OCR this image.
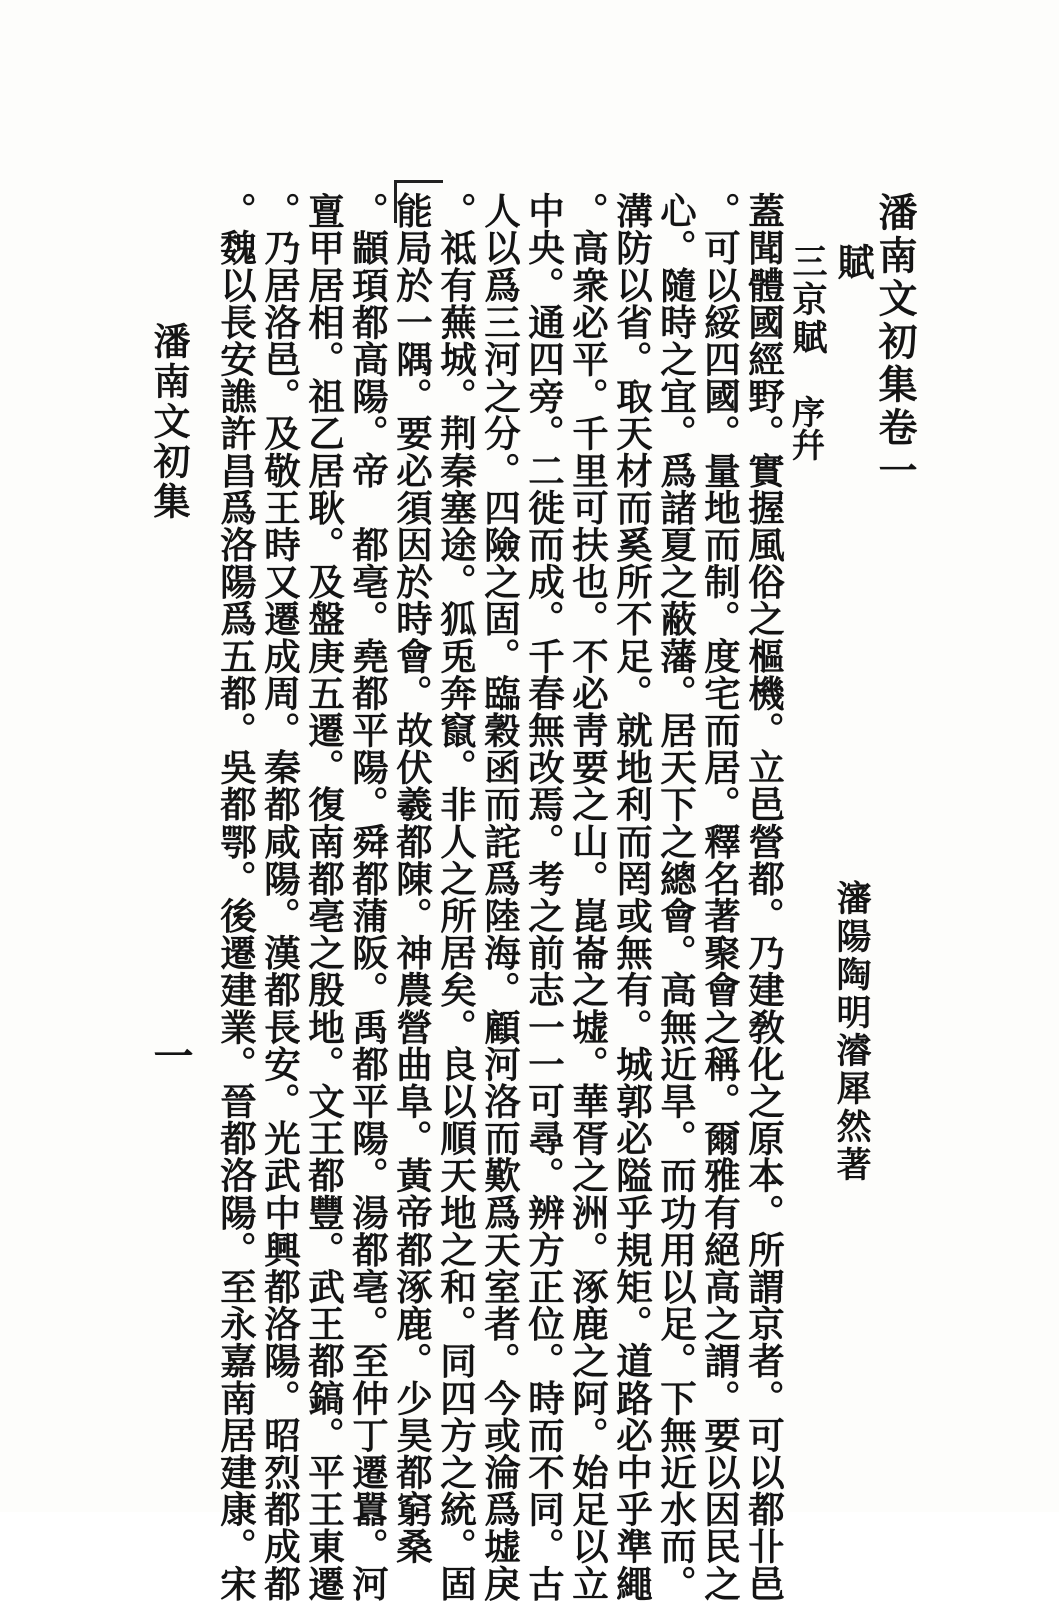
潘南文初集卷一
賦
三京賦
序幷
瀋陽陶明濬犀然著
蓋聞體國經野。實握風俗之樞機。立邑營都。乃建敎化之原本。所謂京者。可以都卝邑
。可以綏四國。量地而制。度宅而居。釋名著聚會之稱。爾雅有絕高之謂。要以因民之
心。隨時之宜。爲諸夏之蔽藩。居天下之總會。高無近旱。而功用以足。下無近水而。
溝防以省。取天材而奚所不足。就地利而罔或無有。城郭必隘乎規矩。道路必中乎準繩
。高衆必平。千里可扶也。不必靑要之山。崑崙之墟。華胥之洲。涿鹿之阿。始足以立
中央。通四旁。二徙而成。千春無改焉。考之前志一一可尋。辨方正位。時而不同。古
人以爲三河之分。四險之固。臨穀函而詫爲陸海。顧河洛而歎爲天室者。今或淪爲墟戾
。祗有蕪城。荆秦塞途。狐兎奔竄。非人之所居矣。良以順天地之和。同四方之統。固
能局於一隅。要必須因於時會。故伏羲都陳。神農營曲阜。黃帝都涿鹿。少昊都窮桑
。顓頊都高陽。帝　都亳。堯都平陽。舜都蒲阪。禹都平陽。湯都亳。至仲丁遷囂。河
亶甲居相。祖乙居耿。及盤庚五遷。復南都亳之殷地。文王都豐。武王都鎬。平王東遷
。乃居洛邑。及敬王時又遷成周。秦都咸陽。漢都長安。光武中興都洛陽。昭烈都成都
。魏以長安譙許昌爲洛陽爲五都。吳都鄂。後遷建業。晉都洛陽。至永嘉南居建康。宋
潘南文初集
一
